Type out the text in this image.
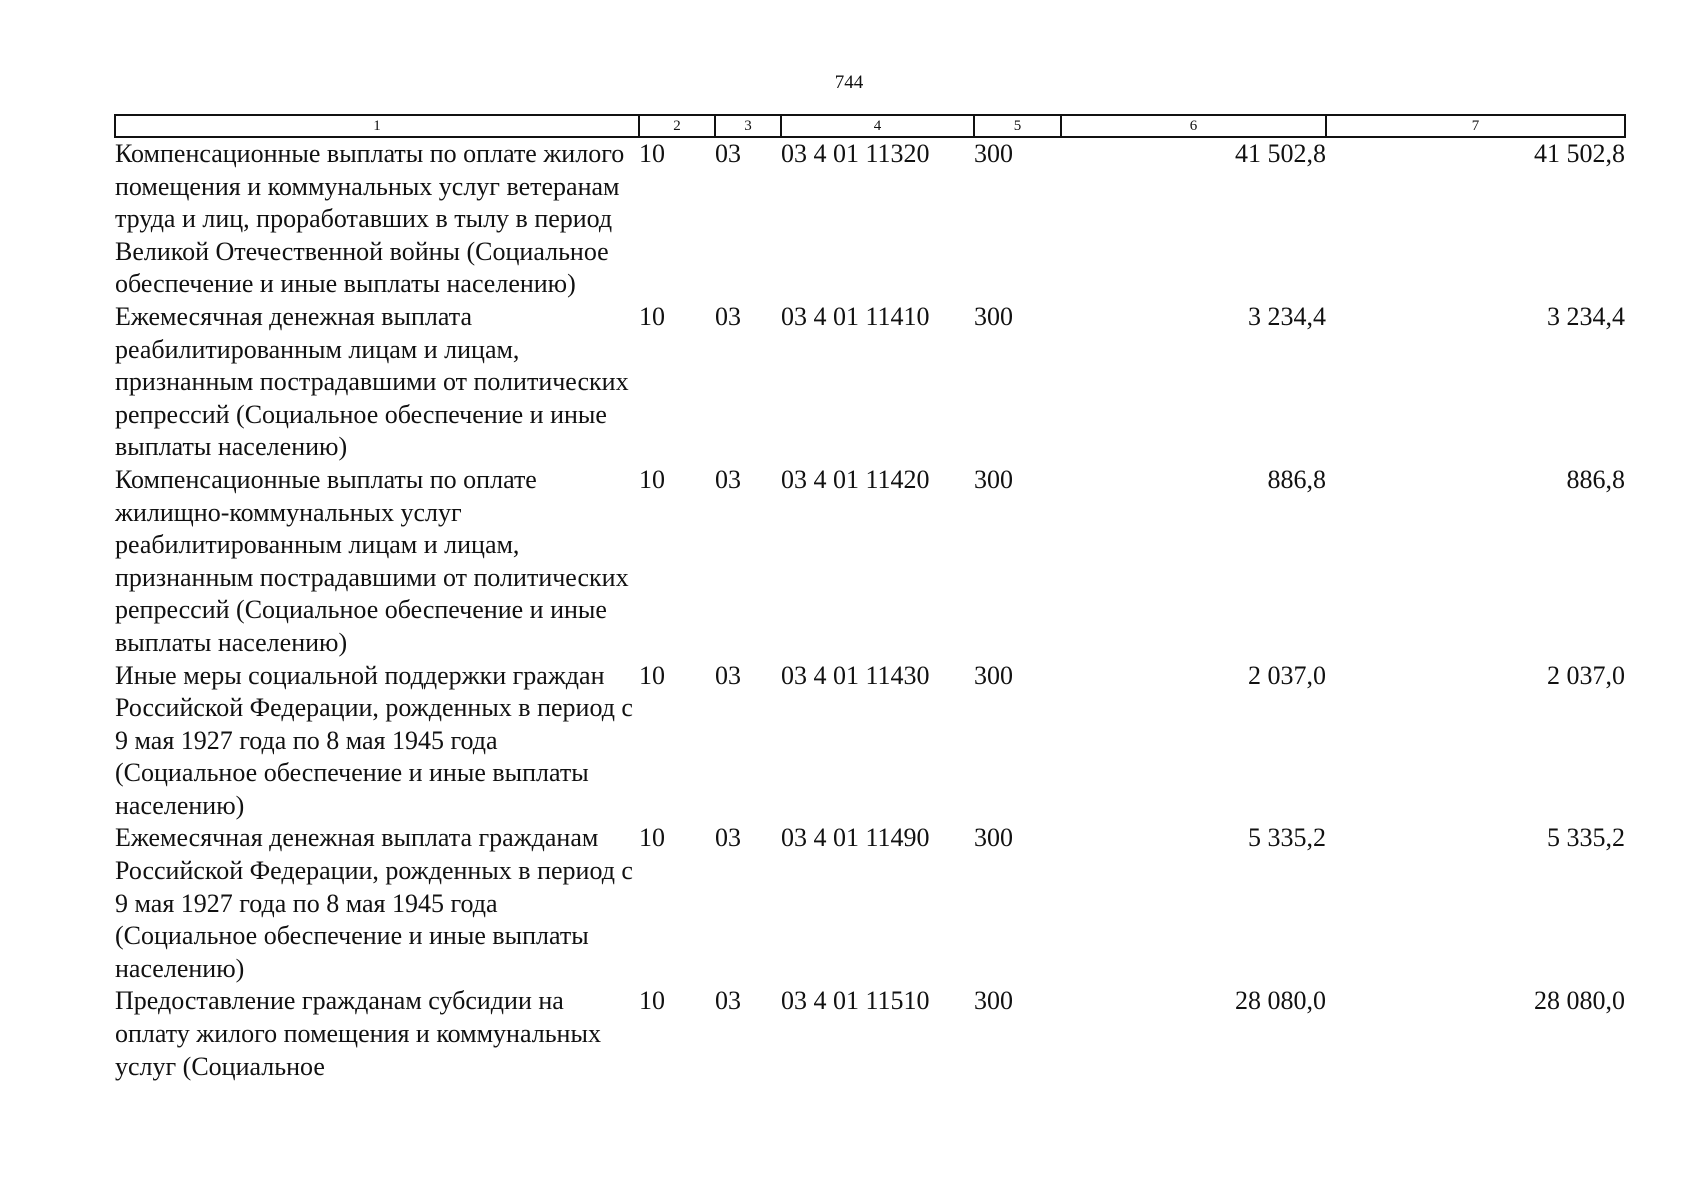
744
1	2	3	4	5	6	7
Компенсационные выплаты по оплате жилого помещения и коммунальных услуг ветеранам труда и лиц, проработавших в тылу в период Великой Отечественной войны (Социальное обеспечение и иные выплаты населению)	10	03	03 4 01 11320	300	41 502,8	41 502,8
Ежемесячная денежная выплата реабилитированным лицам и лицам, признанным пострадавшими от политических репрессий (Социальное обеспечение и иные выплаты населению)	10	03	03 4 01 11410	300	3 234,4	3 234,4
Компенсационные выплаты по оплате жилищно-коммунальных услуг реабилитированным лицам и лицам, признанным пострадавшими от политических репрессий (Социальное обеспечение и иные выплаты населению)	10	03	03 4 01 11420	300	886,8	886,8
Иные меры социальной поддержки граждан Российской Федерации, рожденных в период с 9 мая 1927 года по 8 мая 1945 года (Социальное обеспечение и иные выплаты населению)	10	03	03 4 01 11430	300	2 037,0	2 037,0
Ежемесячная денежная выплата гражданам Российской Федерации, рожденных в период с 9 мая 1927 года по 8 мая 1945 года (Социальное обеспечение и иные выплаты населению)	10	03	03 4 01 11490	300	5 335,2	5 335,2
Предоставление гражданам субсидии на оплату жилого помещения и коммунальных услуг (Социальное	10	03	03 4 01 11510	300	28 080,0	28 080,0
